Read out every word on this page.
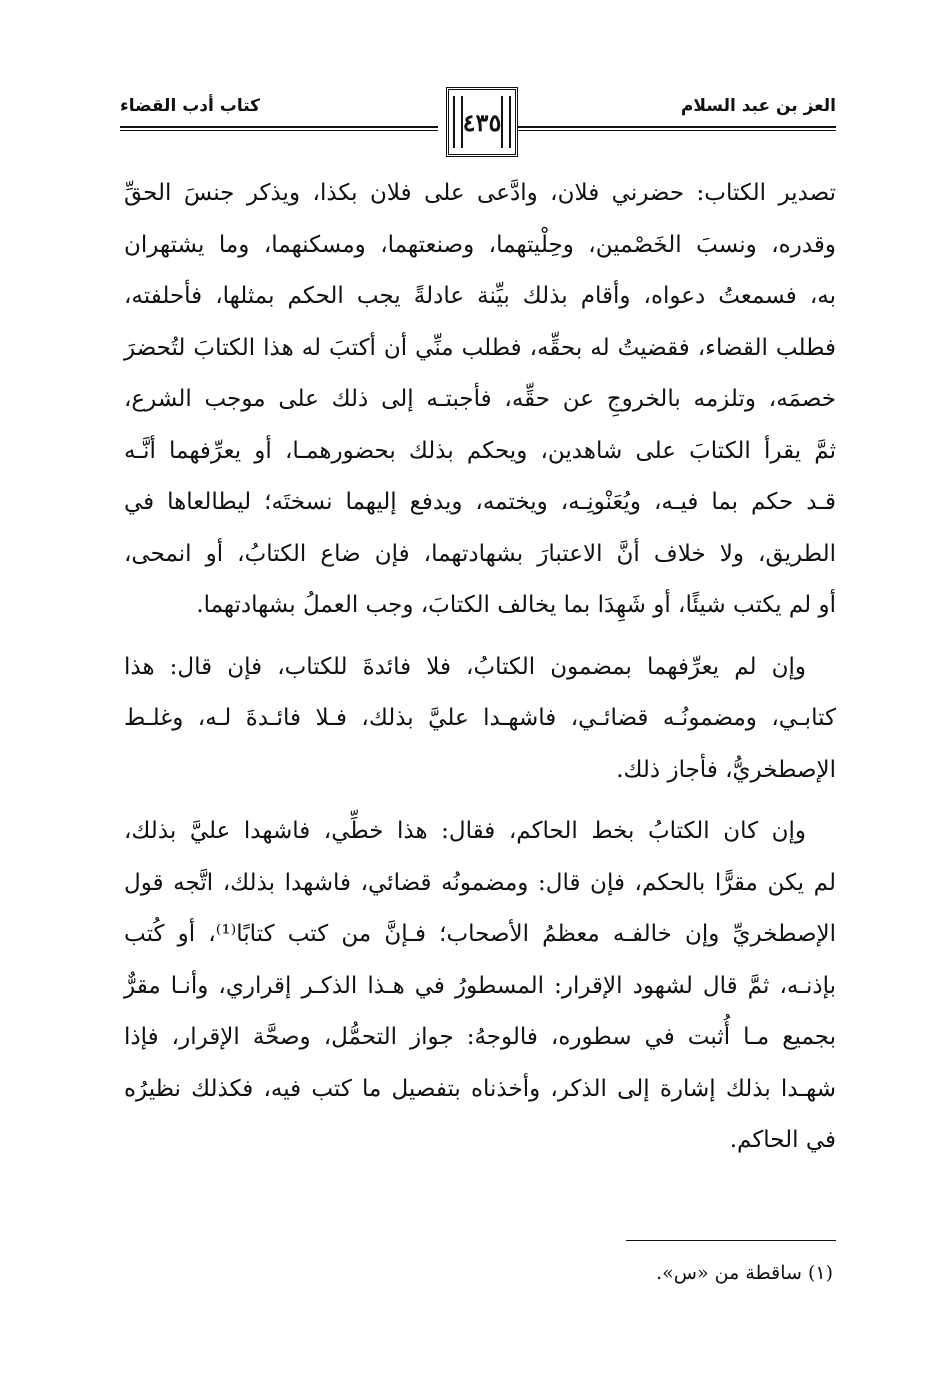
العز بن عبد السلام
كتاب أدب القضاء
٤٣٥
تصدير الكتاب: حضرني فلان، وادَّعى على فلان بكذا، ويذكر جنسَ الحقِّ
وقدره، ونسبَ الخَصْمين، وحِلْيتهما، وصنعتهما، ومسكنهما، وما يشتهران
به، فسمعتُ دعواه، وأقام بذلك بيِّنة عادلةً يجب الحكم بمثلها، فأحلفته،
فطلب القضاء، فقضيتُ له بحقِّه، فطلب منِّي أن أكتبَ له هذا الكتابَ لتُحضرَ
خصمَه، وتلزمه بالخروجِ عن حقِّه، فأجبتـه إلى ذلك على موجب الشرع،
ثمَّ يقرأ الكتابَ على شاهدين، ويحكم بذلك بحضورهمـا، أو يعرِّفهما أنَّـه
قـد حكم بما فيـه، ويُعَنْونِـه، ويختمه، ويدفع إليهما نسختَه؛ ليطالعاها في
الطريق، ولا خلاف أنَّ الاعتبارَ بشهادتهما، فإن ضاع الكتابُ، أو انمحى،
أو لم يكتب شيئًا، أو شَهِدَا بما يخالف الكتابَ، وجب العملُ بشهادتهما.
وإن لم يعرِّفهما بمضمون الكتابُ، فلا فائدةَ للكتاب، فإن قال: هذا
كتابـي، ومضمونُـه قضائـي، فاشهـدا عليَّ بذلك، فـلا فائـدةَ لـه، وغلـط
الإصطخريُّ، فأجاز ذلك.
وإن كان الكتابُ بخط الحاكم، فقال: هذا خطِّي، فاشهدا عليَّ بذلك،
لم يكن مقرًّا بالحكم، فإن قال: ومضمونُه قضائي، فاشهدا بذلك، اتَّجه قول
الإصطخريِّ وإن خالفـه معظمُ الأصحاب؛ فـإنَّ من كتب كتابًا⁽¹⁾، أو كُتب
بإذنـه، ثمَّ قال لشهود الإقرار: المسطورُ في هـذا الذكـر إقراري، وأنـا مقرٌّ
بجميع مـا أُثبت في سطوره، فالوجهُ: جواز التحمُّل، وصحَّة الإقرار، فإذا
شهـدا بذلك إشارة إلى الذكر، وأخذناه بتفصيل ما كتب فيه، فكذلك نظيرُه
في الحاكم.
(١) ساقطة من «س».
